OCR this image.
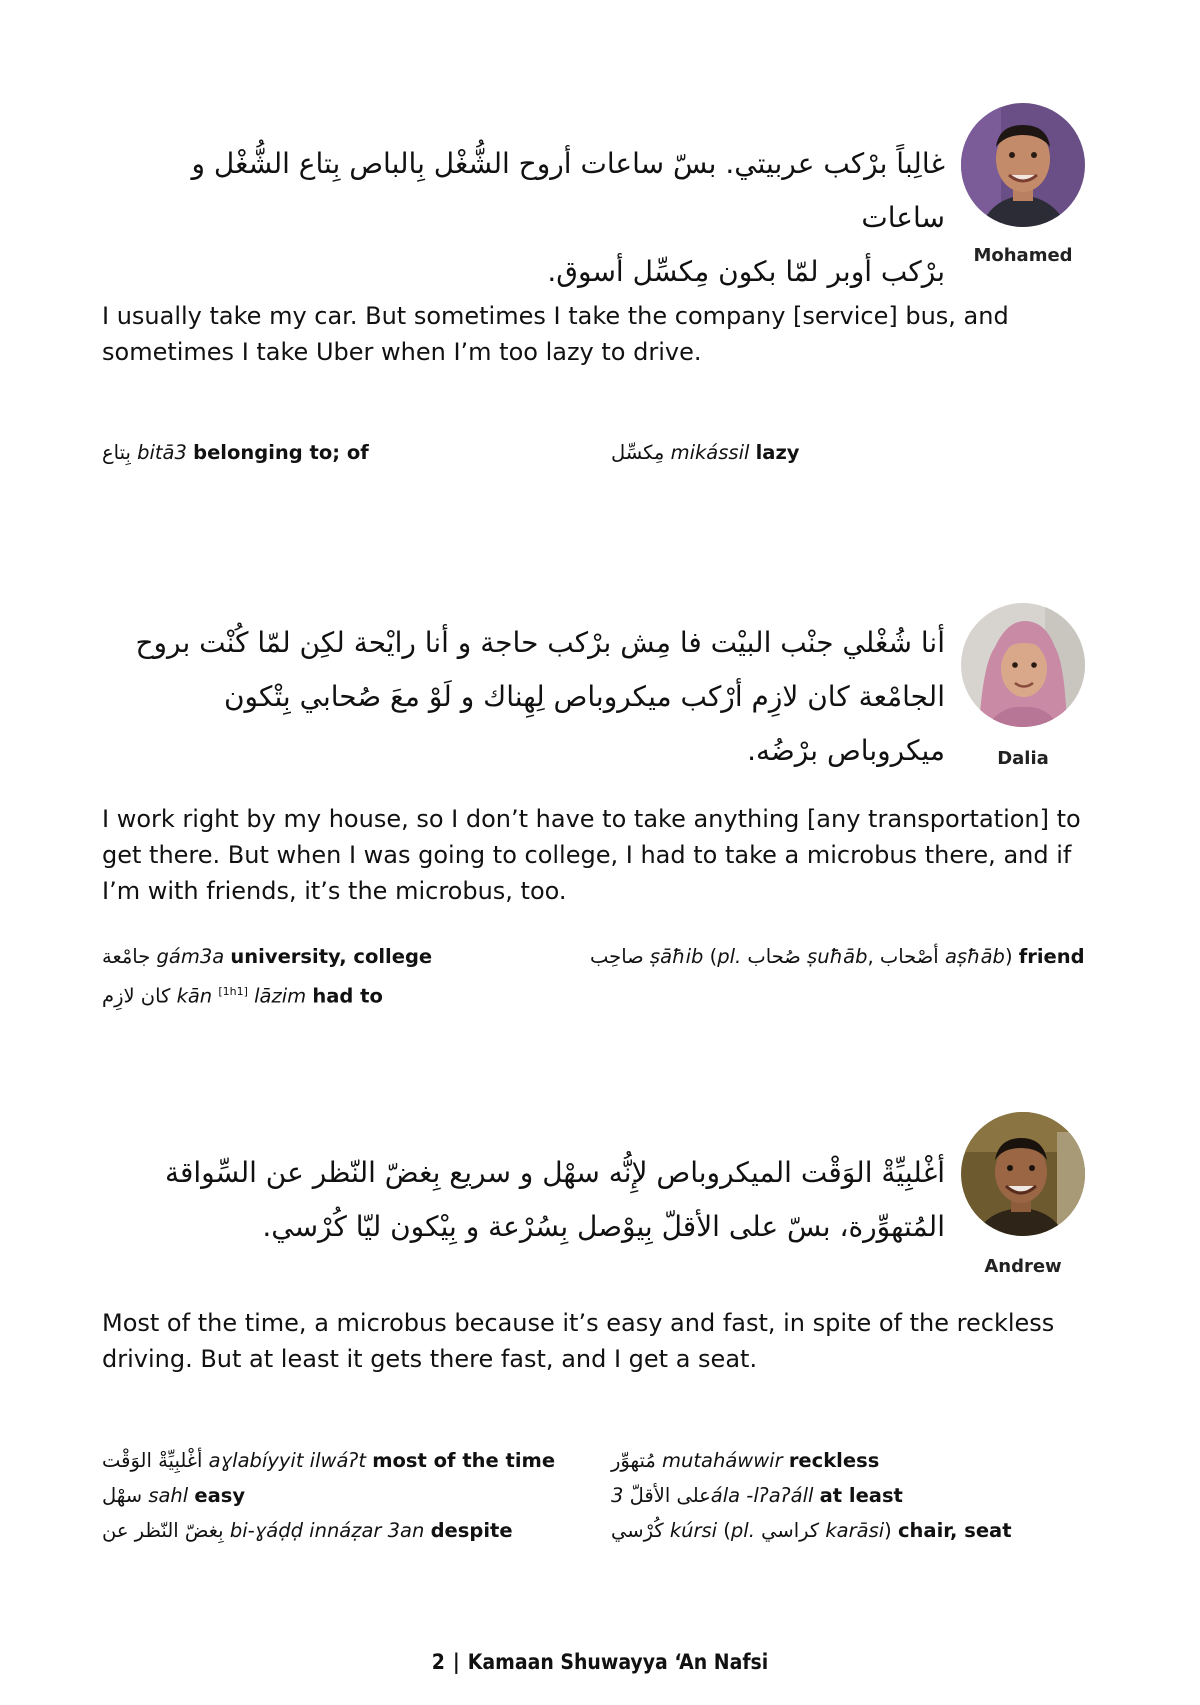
Mohamed
غالِباً برْكب عربيتي. بسّ ساعات أروح الشُّغْل بِالباص بِتاع الشُّغْل و ساعات
برْكب أوبر لمّا بكون مِكسِّل أسوق.
I usually take my car. But sometimes I take the company [service] bus, and sometimes I take Uber when I’m too lazy to drive.
بِتاع bitā3 belonging to; of	مِكسِّل mikássil lazy
Dalia
أنا شُغْلي جنْب البيْت فا مِش برْكب حاجة و أنا رايْحة لكِن لمّا كُنْت بروح
الجامْعة كان لازِم أرْكب ميكروباص لِهِناك و لَوْ معَ صُحابي بِتْكون
ميكروباص برْضُه.
I work right by my house, so I don’t have to take anything [any transportation] to get there. But when I was going to college, I had to take a microbus there, and if I’m with friends, it’s the microbus, too.
جامْعة gám3a university, college
كان لازِم kān [1h1] lāzim had to
صاحِب ṣāħib (pl. صُحاب ṣuħāb, أصْحاب aṣħāb) friend
Andrew
أغْلبِيِّةْ الوَقْت الميكروباص لإِنُّه سهْل و سريع بِغضّ النّظر عن السِّواقة
المُتهوِّرة، بسّ على الأقلّ بِيوْصل بِسُرْعة و بِيْكون ليّا كُرْسي.
Most of the time, a microbus because it’s easy and fast, in spite of the reckless driving. But at least it gets there fast, and I get a seat.
أغْلبِيِّةْ الوَقْت aɣlabíyyit ilwáʔt most of the time
سهْل sahl easy
بِغضّ النّظر عن bi-ɣáḍḍ innáẓar 3an despite
مُتهوِّر mutaháwwir reckless
على الأقلّ 3ála -lʔaʔáll at least
كُرْسي kúrsi (pl. كراسي karāsi) chair, seat
2 | Kamaan Shuwayya ‘An Nafsi
